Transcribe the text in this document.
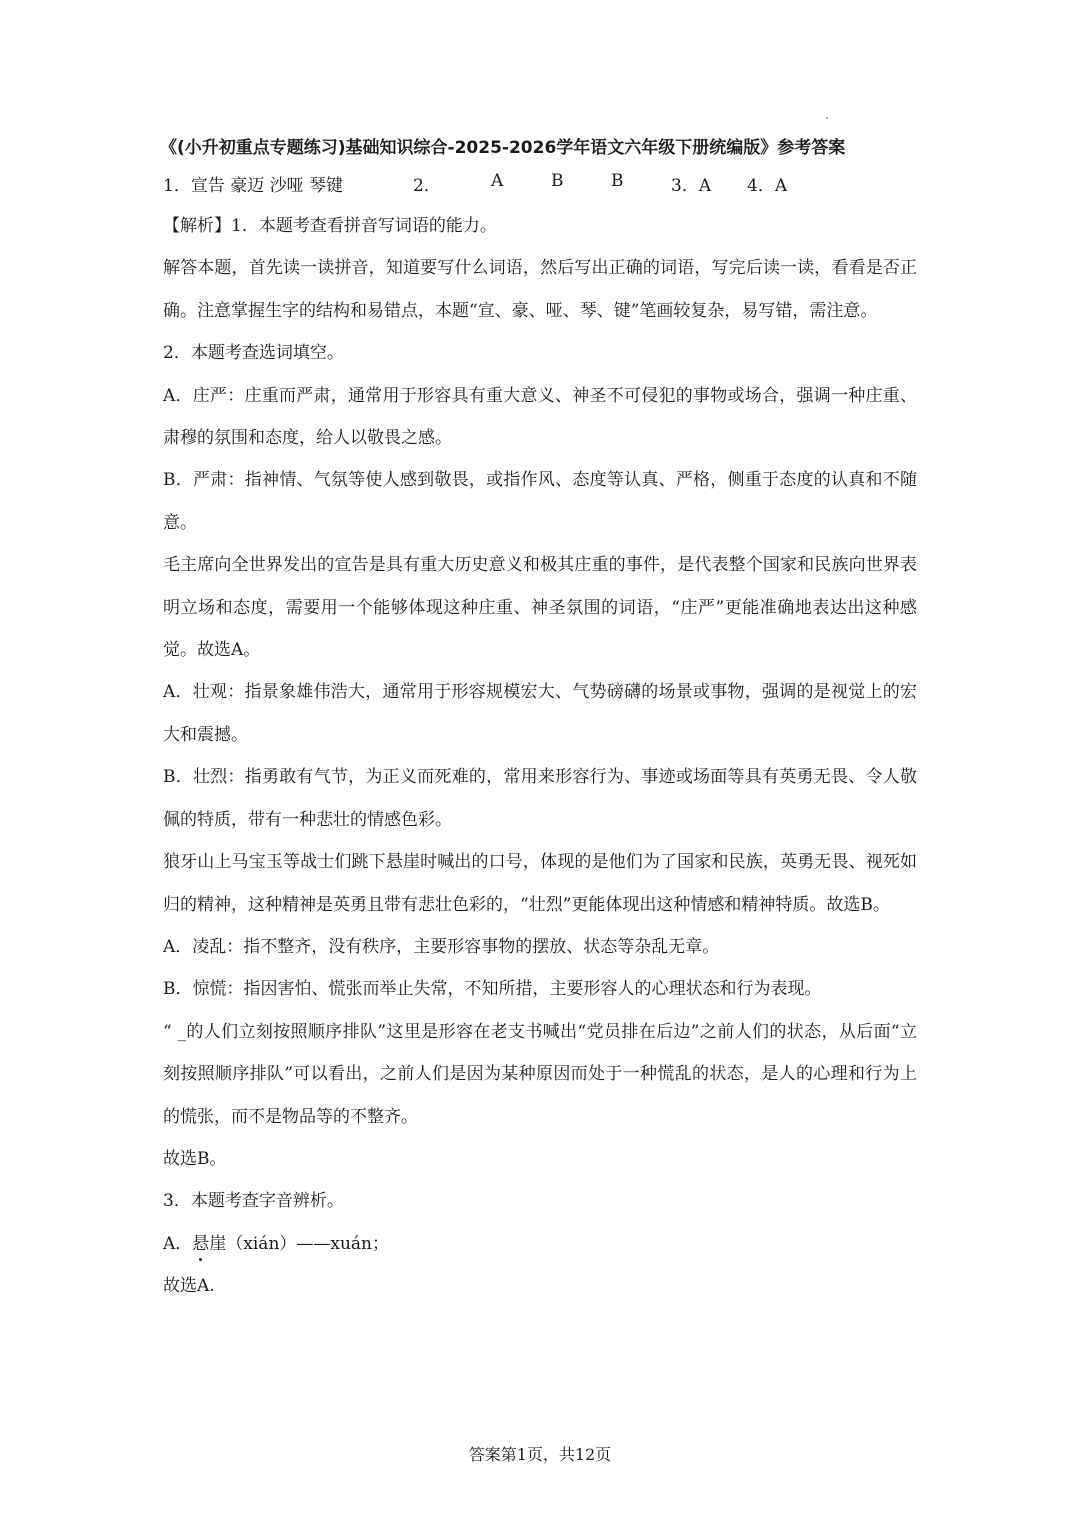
《(小升初重点专题练习)基础知识综合-2025-2026学年语文六年级下册统编版》参考答案
1．宣告 豪迈 沙哑 琴键	2．	A	B	B	3．A 4．A

【解析】1．本题考查看拼音写词语的能力。

解答本题，首先读一读拼音，知道要写什么词语，然后写出正确的词语，写完后读一读，看看是否正确。注意掌握生字的结构和易错点，本题“宣、豪、哑、琴、键”笔画较复杂，易写错，需注意。

2．本题考查选词填空。

A．庄严：庄重而严肃，通常用于形容具有重大意义、神圣不可侵犯的事物或场合，强调一种庄重、肃穆的氛围和态度，给人以敬畏之感。

B．严肃：指神情、气氛等使人感到敬畏，或指作风、态度等认真、严格，侧重于态度的认真和不随意。

毛主席向全世界发出的宣告是具有重大历史意义和极其庄重的事件，是代表整个国家和民族向世界表明立场和态度，需要用一个能够体现这种庄重、神圣氛围的词语，“庄严”更能准确地表达出这种感觉。故选A。

A．壮观：指景象雄伟浩大，通常用于形容规模宏大、气势磅礴的场景或事物，强调的是视觉上的宏大和震撼。

B．壮烈：指勇敢有气节，为正义而死难的，常用来形容行为、事迹或场面等具有英勇无畏、令人敬佩的特质，带有一种悲壮的情感色彩。

狼牙山上马宝玉等战士们跳下悬崖时喊出的口号，体现的是他们为了国家和民族，英勇无畏、视死如归的精神，这种精神是英勇且带有悲壮色彩的，“壮烈”更能体现出这种情感和精神特质。故选B。

A．凌乱：指不整齐，没有秩序，主要形容事物的摆放、状态等杂乱无章。

B．惊慌：指因害怕、慌张而举止失常，不知所措，主要形容人的心理状态和行为表现。

“ _的人们立刻按照顺序排队”这里是形容在老支书喊出“党员排在后边”之前人们的状态，从后面“立刻按照顺序排队”可以看出，之前人们是因为某种原因而处于一种慌乱的状态，是人的心理和行为上的慌张，而不是物品等的不整齐。

故选B。

3．本题考查字音辨析。

A．悬崖（xián）——xuán；

故选A.

答案第1页，共12页
